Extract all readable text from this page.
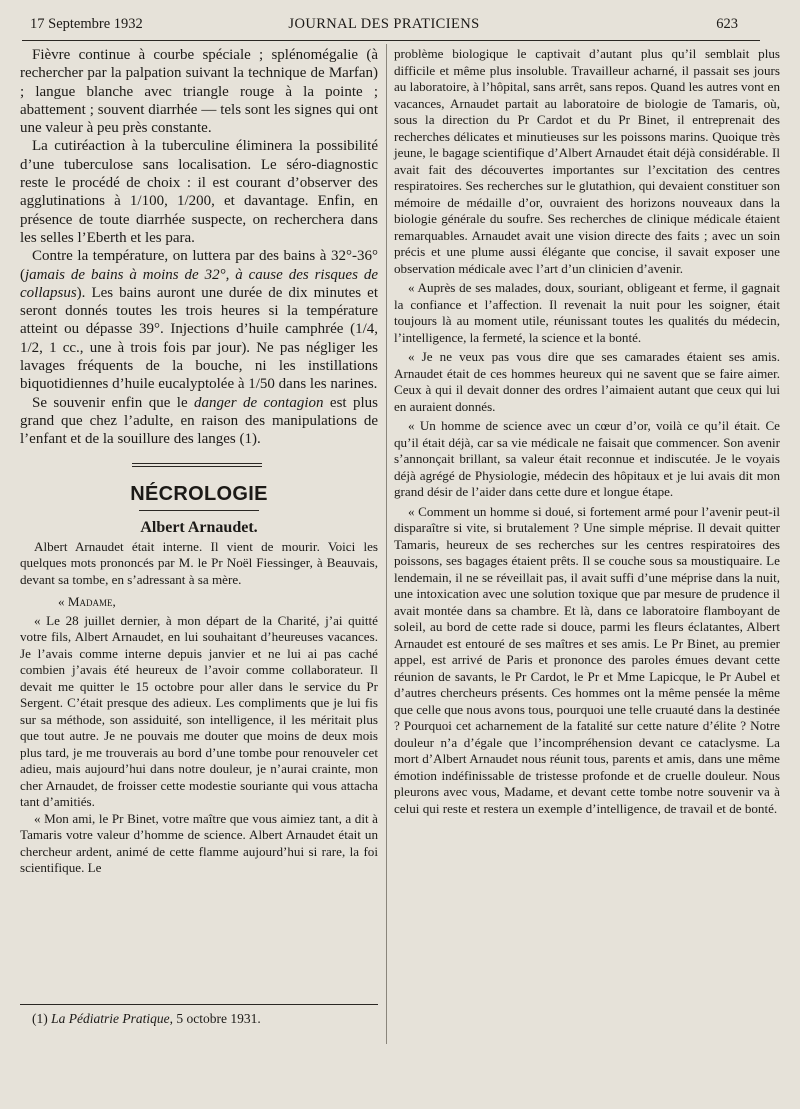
17 Septembre 1932	JOURNAL DES PRATICIENS	623

Fièvre continue à courbe spéciale ; splénomégalie (à rechercher par la palpation suivant la technique de Marfan) ; langue blanche avec triangle rouge à la pointe ; abattement ; souvent diarrhée — tels sont les signes qui ont une valeur à peu près constante.

La cutiréaction à la tuberculine éliminera la possibilité d’une tuberculose sans localisation. Le séro-diagnostic reste le procédé de choix : il est courant d’observer des agglutinations à 1/100, 1/200, et davantage. Enfin, en présence de toute diarrhée suspecte, on recherchera dans les selles l’Eberth et les para.

Contre la température, on luttera par des bains à 32°-36° (jamais de bains à moins de 32°, à cause des risques de collapsus). Les bains auront une durée de dix minutes et seront donnés toutes les trois heures si la température atteint ou dépasse 39°. Injections d’huile camphrée (1/4, 1/2, 1 cc., une à trois fois par jour). Ne pas négliger les lavages fréquents de la bouche, ni les instillations biquotidiennes d’huile eucalyptolée à 1/50 dans les narines.

Se souvenir enfin que le danger de contagion est plus grand que chez l’adulte, en raison des manipulations de l’enfant et de la souillure des langes (1).

NÉCROLOGIE
Albert Arnaudet.

Albert Arnaudet était interne. Il vient de mourir. Voici les quelques mots prononcés par M. le Pr Noël Fiessinger, à Beauvais, devant sa tombe, en s’adressant à sa mère.

« Madame,

« Le 28 juillet dernier, à mon départ de la Charité, j’ai quitté votre fils, Albert Arnaudet, en lui souhaitant d’heureuses vacances. Je l’avais comme interne depuis janvier et ne lui ai pas caché combien j’avais été heureux de l’avoir comme collaborateur. Il devait me quitter le 15 octobre pour aller dans le service du Pr Sergent. C’était presque des adieux. Les compliments que je lui fis sur sa méthode, son assiduité, son intelligence, il les méritait plus que tout autre. Je ne pouvais me douter que moins de deux mois plus tard, je me trouverais au bord d’une tombe pour renouveler cet adieu, mais aujourd’hui dans notre douleur, je n’aurai crainte, mon cher Arnaudet, de froisser cette modestie souriante qui vous attacha tant d’amitiés.

« Mon ami, le Pr Binet, votre maître que vous aimiez tant, a dit à Tamaris votre valeur d’homme de science. Albert Arnaudet était un chercheur ardent, animé de cette flamme aujourd’hui si rare, la foi scientifique. Le

problème biologique le captivait d’autant plus qu’il semblait plus difficile et même plus insoluble. Travailleur acharné, il passait ses jours au laboratoire, à l’hôpital, sans arrêt, sans repos. Quand les autres vont en vacances, Arnaudet partait au laboratoire de biologie de Tamaris, où, sous la direction du Pr Cardot et du Pr Binet, il entreprenait des recherches délicates et minutieuses sur les poissons marins. Quoique très jeune, le bagage scientifique d’Albert Arnaudet était déjà considérable. Il avait fait des découvertes importantes sur l’excitation des centres respiratoires. Ses recherches sur le glutathion, qui devaient constituer son mémoire de médaille d’or, ouvraient des horizons nouveaux dans la biologie générale du soufre. Ses recherches de clinique médicale étaient remarquables. Arnaudet avait une vision directe des faits ; avec un soin précis et une plume aussi élégante que concise, il savait exposer une observation médicale avec l’art d’un clinicien d’avenir.

« Auprès de ses malades, doux, souriant, obligeant et ferme, il gagnait la confiance et l’affection. Il revenait la nuit pour les soigner, était toujours là au moment utile, réunissant toutes les qualités du médecin, l’intelligence, la fermeté, la science et la bonté.

« Je ne veux pas vous dire que ses camarades étaient ses amis. Arnaudet était de ces hommes heureux qui ne savent que se faire aimer. Ceux à qui il devait donner des ordres l’aimaient autant que ceux qui lui en auraient donnés.

« Un homme de science avec un cœur d’or, voilà ce qu’il était. Ce qu’il était déjà, car sa vie médicale ne faisait que commencer. Son avenir s’annonçait brillant, sa valeur était reconnue et indiscutée. Je le voyais déjà agrégé de Physiologie, médecin des hôpitaux et je lui avais dit mon grand désir de l’aider dans cette dure et longue étape.

« Comment un homme si doué, si fortement armé pour l’avenir peut-il disparaître si vite, si brutalement ? Une simple méprise. Il devait quitter Tamaris, heureux de ses recherches sur les centres respiratoires des poissons, ses bagages étaient prêts. Il se couche sous sa moustiquaire. Le lendemain, il ne se réveillait pas, il avait suffi d’une méprise dans la nuit, une intoxication avec une solution toxique que par mesure de prudence il avait montée dans sa chambre. Et là, dans ce laboratoire flamboyant de soleil, au bord de cette rade si douce, parmi les fleurs éclatantes, Albert Arnaudet est entouré de ses maîtres et ses amis. Le Pr Binet, au premier appel, est arrivé de Paris et prononce des paroles émues devant cette réunion de savants, le Pr Cardot, le Pr et Mme Lapicque, le Pr Aubel et d’autres chercheurs présents. Ces hommes ont la même pensée la même que celle que nous avons tous, pourquoi une telle cruauté dans la destinée ? Pourquoi cet acharnement de la fatalité sur cette nature d’élite ? Notre douleur n’a d’égale que l’incompréhension devant ce cataclysme. La mort d’Albert Arnaudet nous réunit tous, parents et amis, dans une même émotion indéfinissable de tristesse profonde et de cruelle douleur. Nous pleurons avec vous, Madame, et devant cette tombe notre souvenir va à celui qui reste et restera un exemple d’intelligence, de travail et de bonté.

(1) La Pédiatrie Pratique, 5 octobre 1931.
